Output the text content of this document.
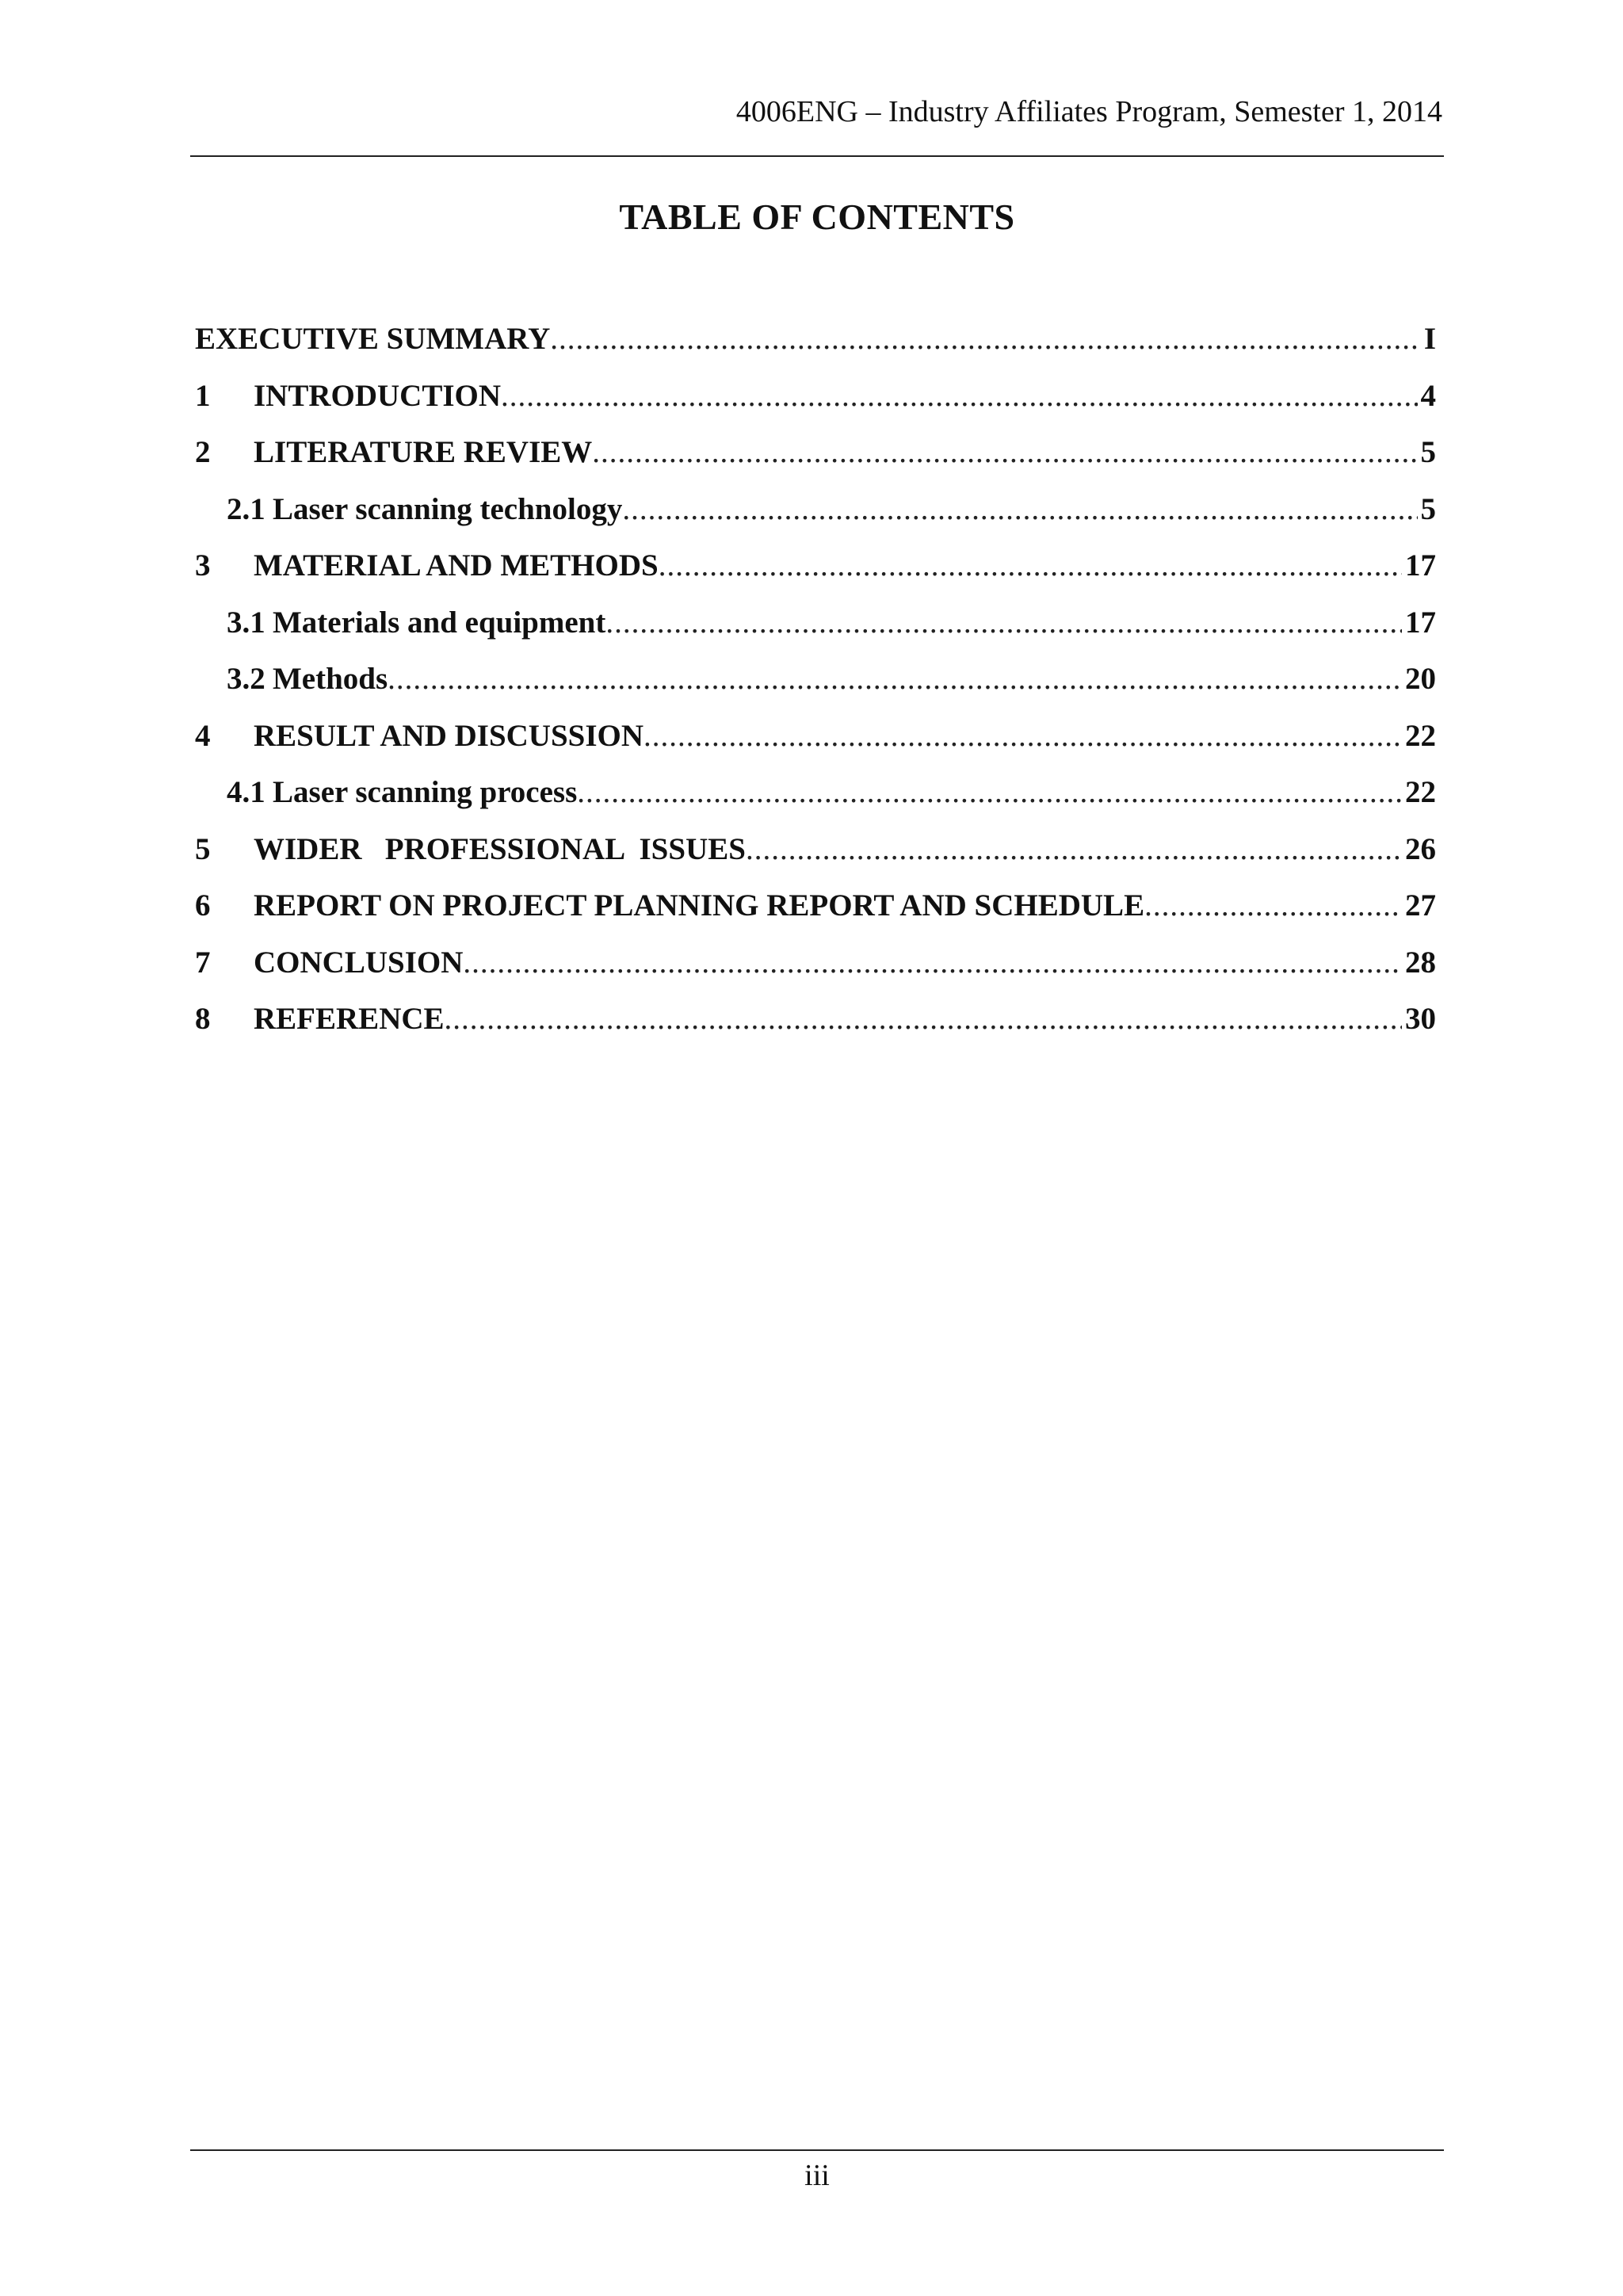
4006ENG – Industry Affiliates Program, Semester 1, 2014
TABLE OF CONTENTS
EXECUTIVE SUMMARY .....	I
1	INTRODUCTION .....	4
2	LITERATURE REVIEW .....	5
2.1 Laser scanning technology .....	5
3	MATERIAL AND METHODS .....	17
3.1 Materials and equipment .....	17
3.2 Methods .....	20
4	RESULT AND DISCUSSION .....	22
4.1 Laser scanning process .....	22
5	WIDER   PROFESSIONAL  ISSUES .....	26
6	REPORT ON PROJECT PLANNING REPORT AND SCHEDULE .....	27
7	CONCLUSION .....	28
8	REFERENCE .....	30
iii
